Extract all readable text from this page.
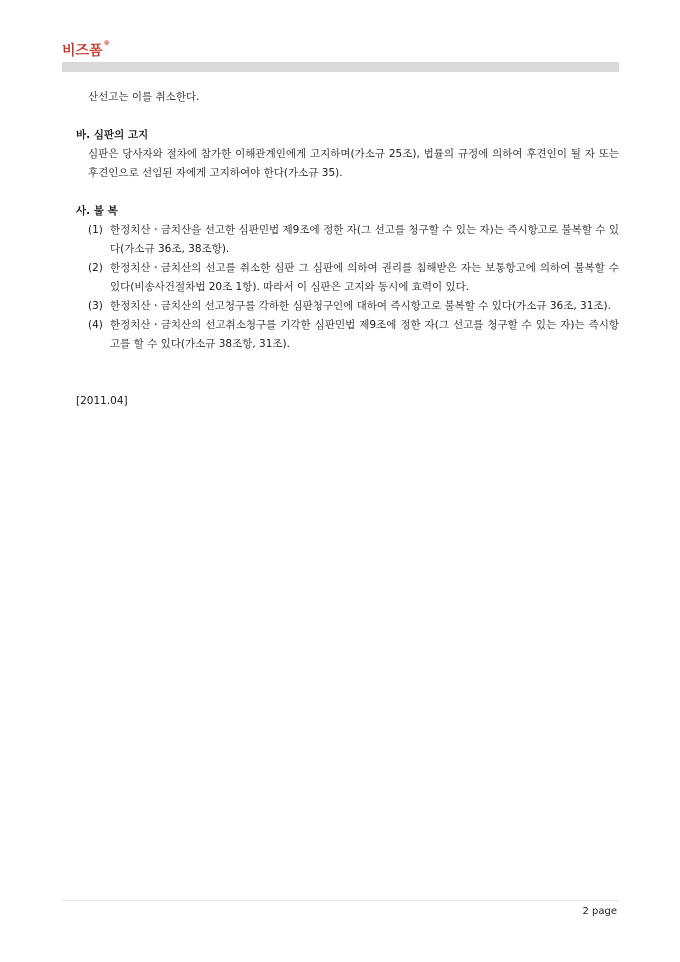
비즈폼®

산선고는 이를 취소한다.

바. 심판의 고지

심판은 당사자와 절차에 참가한 이해관계인에게 고지하며(가소규 25조), 법률의 규정에 의하여 후견인이 될 자 또는 후견인으로 선임된 자에게 고지하여야 한다(가소규 35).

사. 불 복

(1) 한정치산ㆍ금치산을 선고한 심판민법 제9조에 정한 자(그 선고를 청구할 수 있는 자)는 즉시항고로 불복할 수 있다(가소규 36조, 38조항).
(2) 한정치산ㆍ금치산의 선고를 취소한 심판 그 심판에 의하여 권리를 침해받은 자는 보통항고에 의하여 불복할 수 있다(비송사건절차법 20조 1항). 따라서 이 심판은 고지와 동시에 효력이 있다.
(3) 한정치산ㆍ금치산의 선고청구를 각하한 심판청구인에 대하여 즉시항고로 불복할 수 있다(가소규 36조, 31조).
(4) 한정치산ㆍ금치산의 선고취소청구를 기각한 심판민법 제9조에 정한 자(그 선고를 청구할 수 있는 자)는 즉시항고를 할 수 있다(가소규 38조항, 31조).

[2011.04]

2 page
